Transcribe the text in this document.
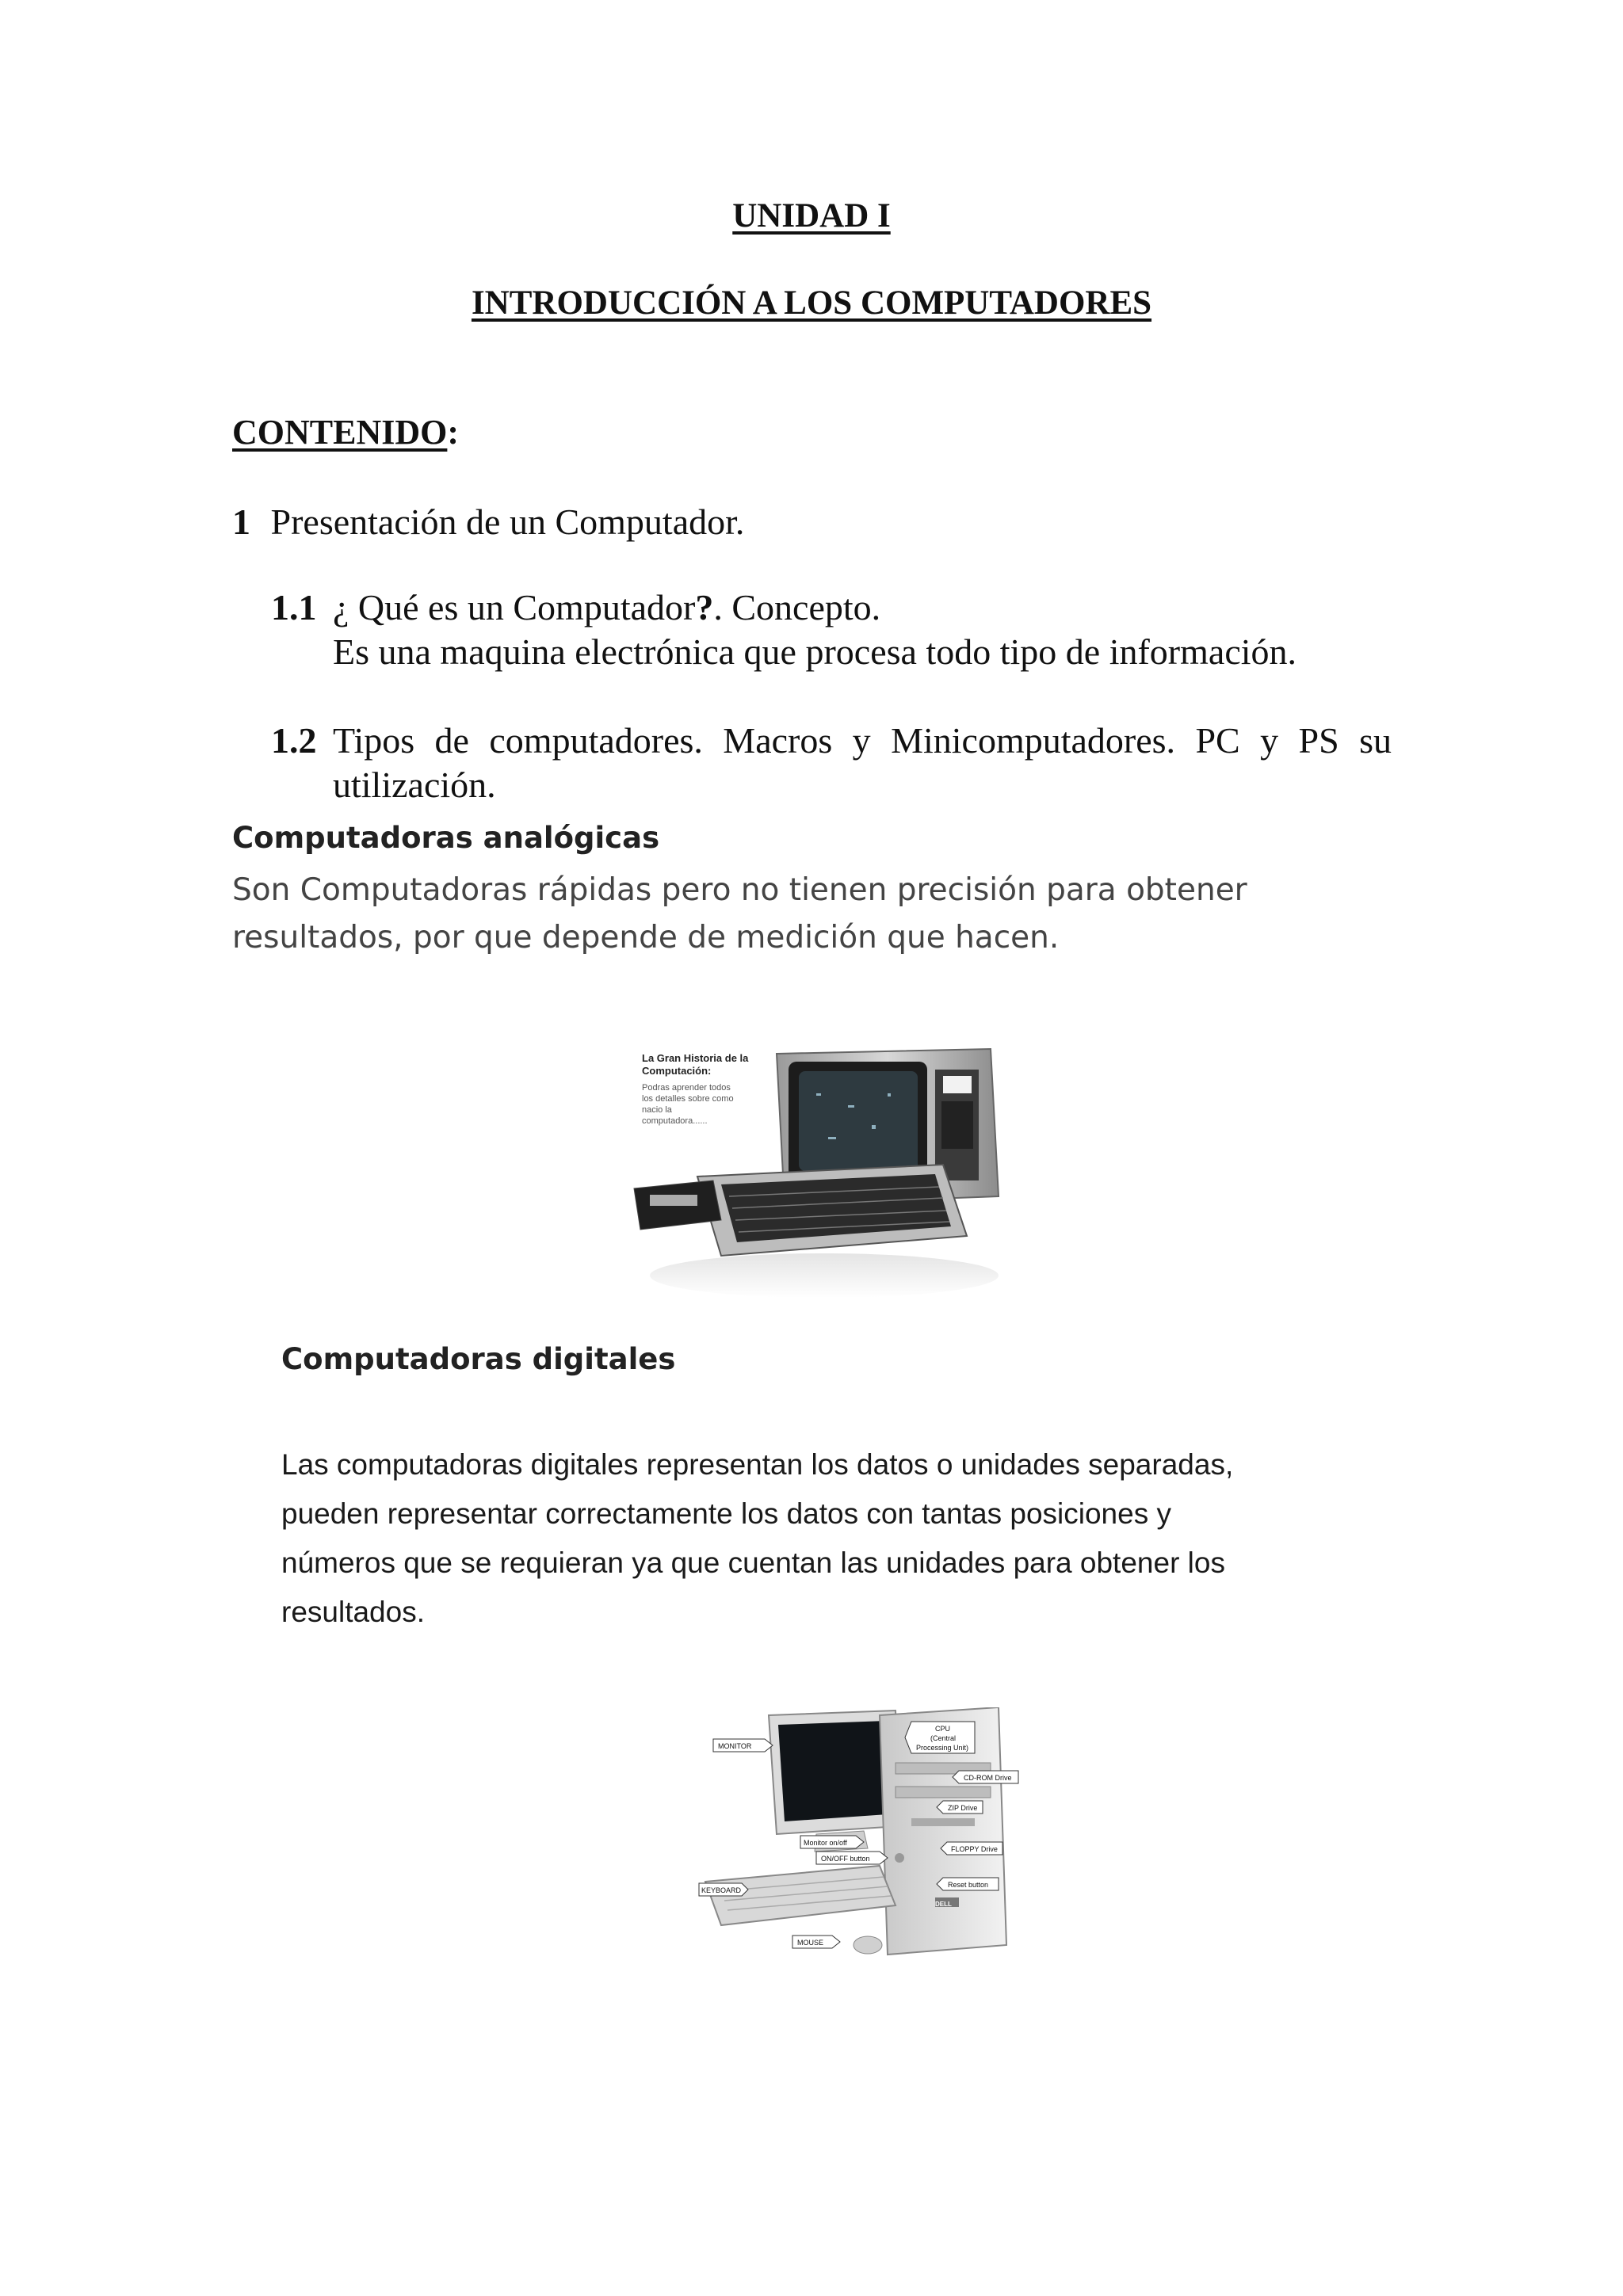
UNIDAD I
INTRODUCCIÓN A LOS COMPUTADORES
CONTENIDO:
1 Presentación de un Computador.
1.1 ¿ Qué es un Computador?. Concepto.
Es una maquina electrónica que procesa todo tipo de información.
1.2 Tipos de computadores. Macros y Minicomputadores. PC y PS su
utilización.
Computadoras analógicas
Son Computadoras rápidas pero no tienen precisión para obtener
resultados, por que depende de medición que hacen.
La Gran Historia de la
Computación:
Podras aprender todos
los detalles sobre como
nacio la
computadora......
Computadoras digitales

Las computadoras digitales representan los datos o unidades separadas,

pueden representar correctamente los datos con tantas posiciones y

números que se requieran ya que cuentan las unidades para obtener los

resultados.

MONITOR
CPU
(Central
Processing Unit)
CD-ROM Drive
ZIP Drive
Monitor on/off
ON/OFF button
FLOPPY Drive
KEYBOARD
Reset button
MOUSE
DELL
